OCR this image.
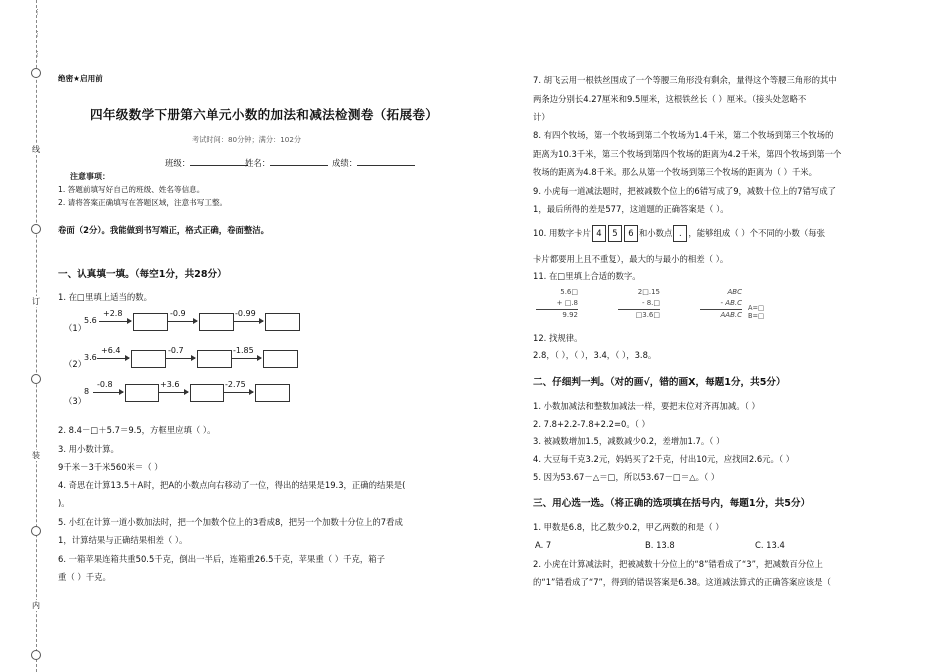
⋮
⋮
⋮
线
订
装
内
绝密★启用前
四年级数学下册第六单元小数的加法和减法检测卷（拓展卷）
考试时间：80分钟；满分：102分
班级：	姓名：	成绩：
注意事项：
1. 答题前填写好自己的班级、姓名等信息。
2. 请将答案正确填写在答题区域，注意书写工整。
卷面（2分）。我能做到书写端正，格式正确，卷面整洁。
一、认真填一填。（每空1分，共28分）
1. 在□里填上适当的数。
（1）
5.6
+2.8	-0.9	-0.99
（2）
3.6
+6.4	-0.7	-1.85
（3）
8
-0.8	+3.6	-2.75
2. 8.4－□＋5.7＝9.5，方框里应填（ ）。
3. 用小数计算。
9千米－3千米560米＝（ ）
4. 奇思在计算13.5＋A时，把A的小数点向右移动了一位，得出的结果是19.3，正确的结果是(
)。
5. 小红在计算一道小数加法时，把一个加数个位上的3看成8，把另一个加数十分位上的7看成
1，计算结果与正确结果相差（ ）。
6. 一箱苹果连箱共重50.5千克，倒出一半后，连箱重26.5千克，苹果重（ ）千克，箱子
重（ ）千克。
7. 胡飞云用一根铁丝围成了一个等腰三角形没有剩余，量得这个等腰三角形的其中
两条边分别长4.27厘米和9.5厘米，这根铁丝长（ ）厘米。（接头处忽略不
计）
8. 有四个牧场，第一个牧场到第二个牧场为1.4千米，第二个牧场到第三个牧场的
距离为10.3千米，第三个牧场到第四个牧场的距离为4.2千米，第四个牧场到第一个
牧场的距离为4.8千米。那么从第一个牧场到第三个牧场的距离为（ ）千米。
9. 小虎每一道减法题时，把被减数个位上的6错写成了9，减数十位上的7错写成了
1，最后所得的差是577，这道题的正确答案是（ ）。
10. 用数字卡片 4 5 6 和小数点 . ，能够组成（ ）个不同的小数（每张
卡片都要用上且不重复），最大的与最小的相差（ ）。
11. 在□里填上合适的数字。
5.6□
+ □.8
9.92
2□.15
- 8.□
□3.6□
ABC
- AB.C
AAB.C
A=□
B=□
12. 找规律。
2.8，（ ），（ ），3.4，（ ），3.8。
二、仔细判一判。（对的画√，错的画X，每题1分，共5分）
1. 小数加减法和整数加减法一样，要把末位对齐再加减。（ ）
2. 7.8+2.2-7.8+2.2=0。（ ）
3. 被减数增加1.5，减数减少0.2，差增加1.7。（ ）
4. 大豆每千克3.2元，妈妈买了2千克，付出10元，应找回2.6元。（ ）
5. 因为53.67－△＝□，所以53.67－□＝△。（ ）
三、用心选一选。（将正确的选项填在括号内，每题1分，共5分）
1. 甲数是6.8，比乙数少0.2，甲乙两数的和是（ ）
A. 7	B. 13.8	C. 13.4
2. 小虎在计算减法时，把被减数十分位上的“8”错看成了“3”，把减数百分位上
的“1”错看成了“7”，得到的错误答案是6.38。这道减法算式的正确答案应该是（
